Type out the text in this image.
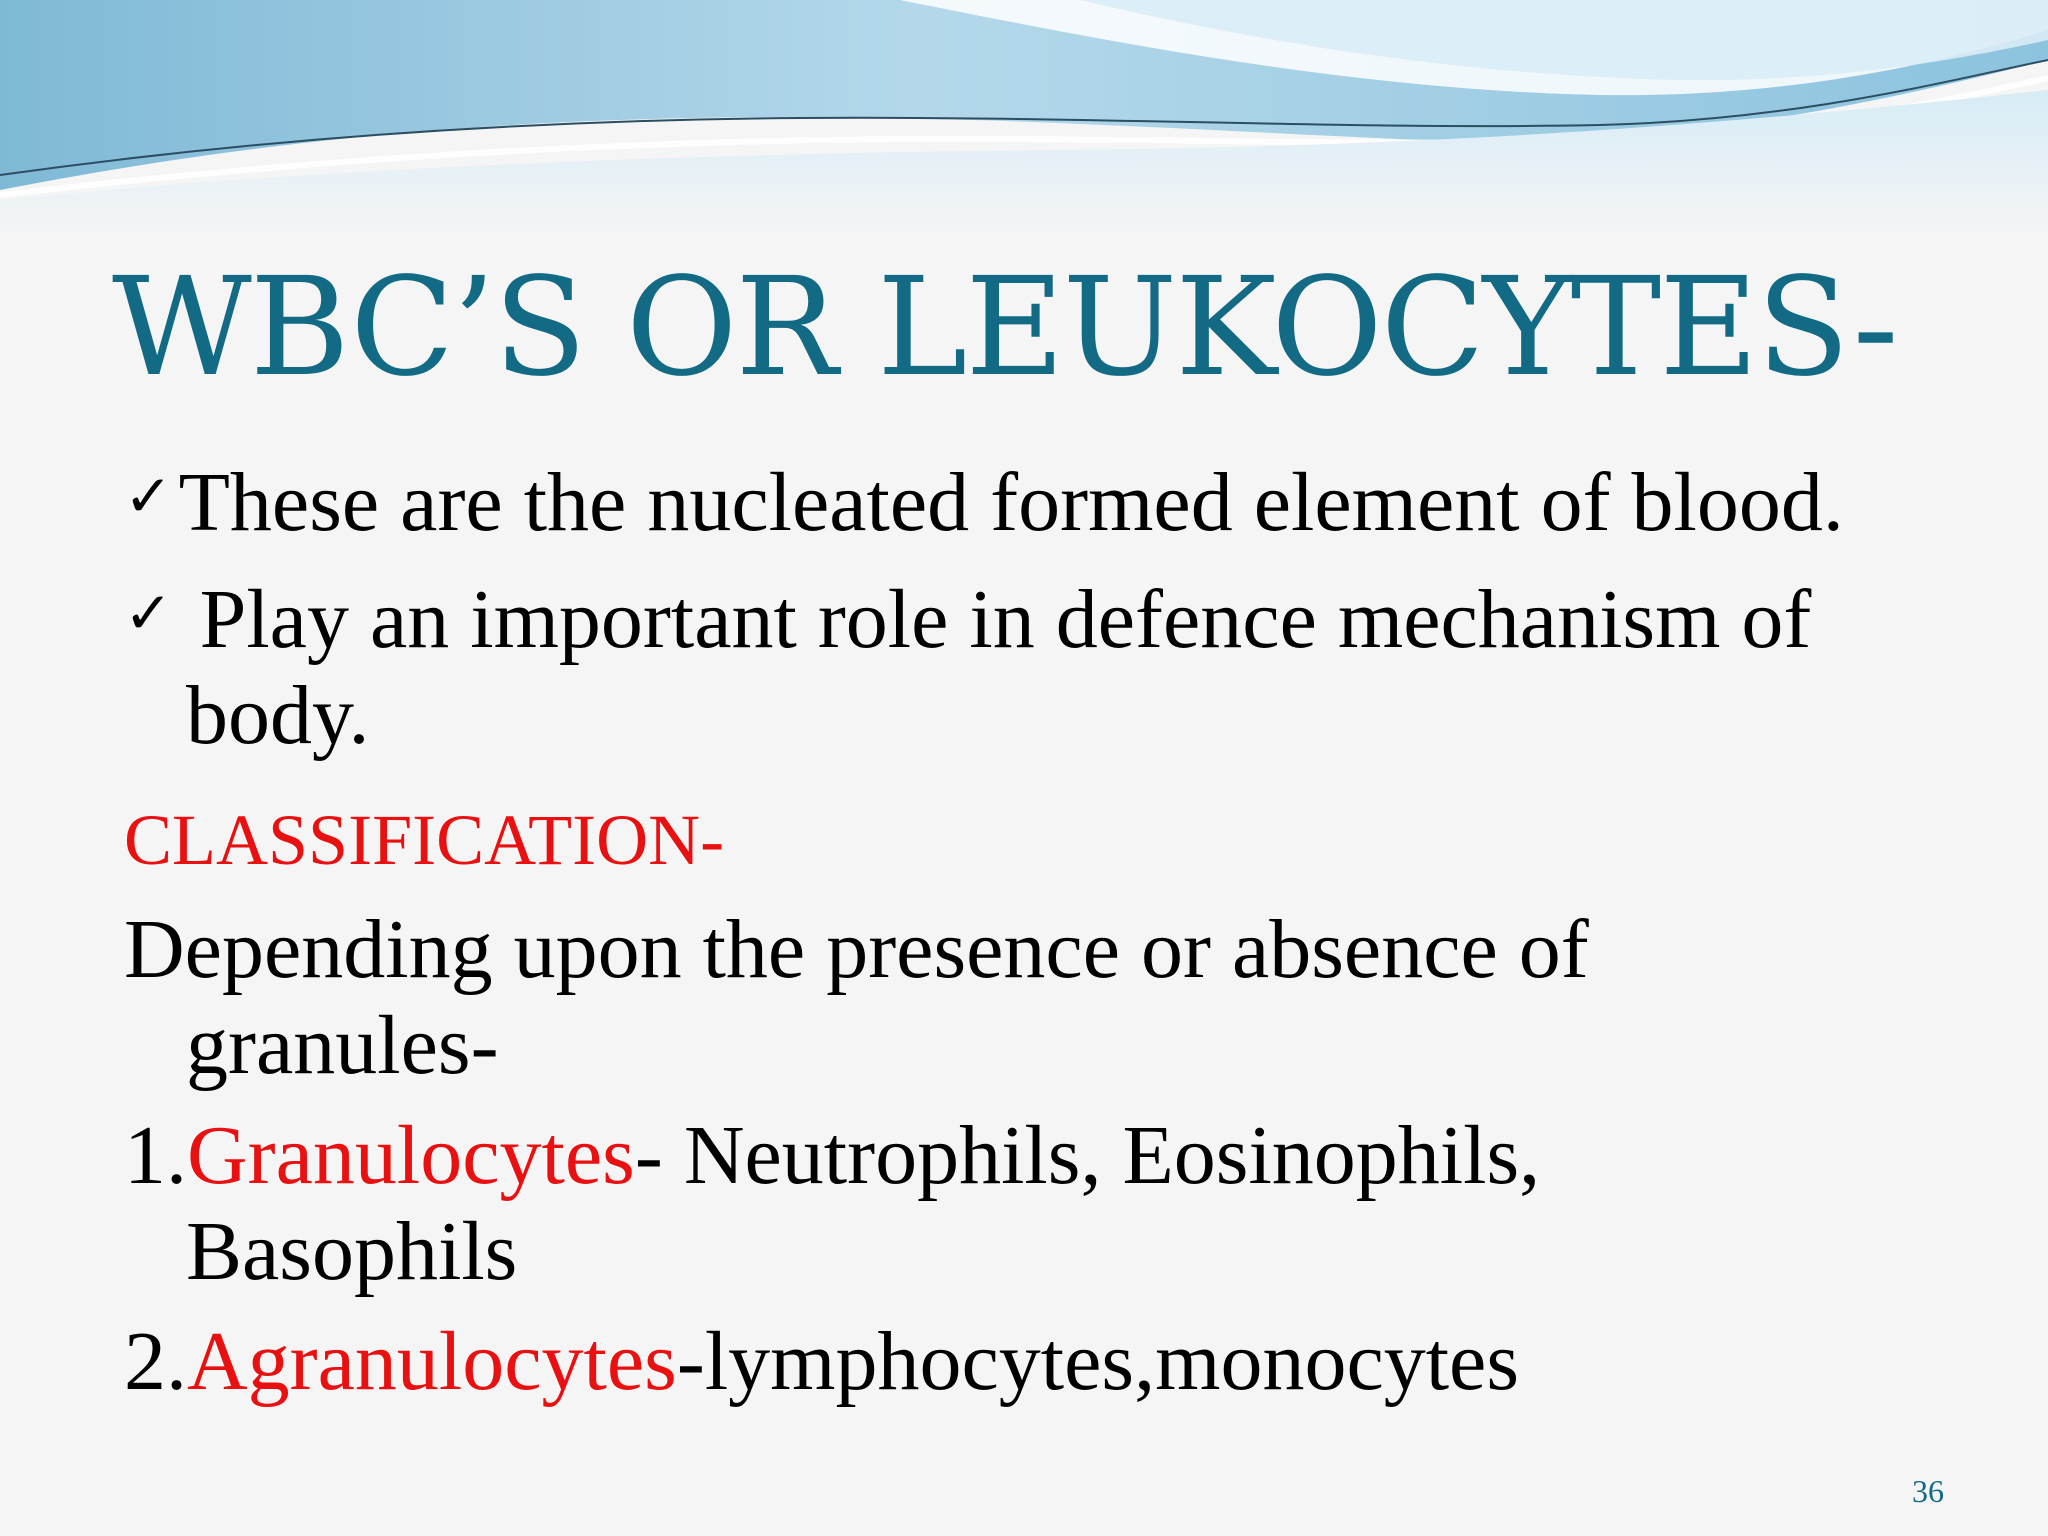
WBC’S OR LEUKOCYTES-

✓These are the nucleated formed element of blood.

✓ Play an important role in defence mechanism of

body.

CLASSIFICATION-

Depending upon the presence or absence of

granules-

1.Granulocytes- Neutrophils, Eosinophils,

Basophils

2.Agranulocytes-lymphocytes,monocytes

36
